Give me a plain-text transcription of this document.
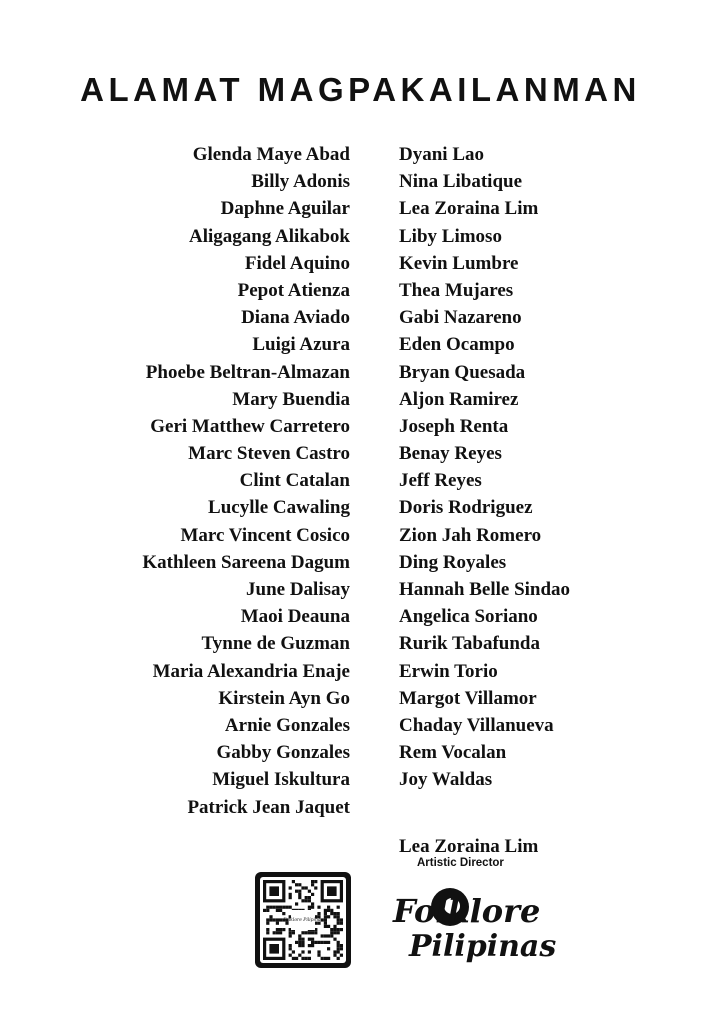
ALAMAT MAGPAKAILANMAN
Glenda Maye Abad
Billy Adonis
Daphne Aguilar
Aligagang Alikabok
Fidel Aquino
Pepot Atienza
Diana Aviado
Luigi Azura
Phoebe Beltran-Almazan
Mary Buendia
Geri Matthew Carretero
Marc Steven Castro
Clint Catalan
Lucylle Cawaling
Marc Vincent Cosico
Kathleen Sareena Dagum
June Dalisay
Maoi Deauna
Tynne de Guzman
Maria Alexandria Enaje
Kirstein Ayn Go
Arnie Gonzales
Gabby Gonzales
Miguel Iskultura
Patrick Jean Jaquet
Dyani Lao
Nina Libatique
Lea Zoraina Lim
Liby Limoso
Kevin Lumbre
Thea Mujares
Gabi Nazareno
Eden Ocampo
Bryan Quesada
Aljon Ramirez
Joseph Renta
Benay Reyes
Jeff Reyes
Doris Rodriguez
Zion Jah Romero
Ding Royales
Hannah Belle Sindao
Angelica Soriano
Rurik Tabafunda
Erwin Torio
Margot Villamor
Chaday Villanueva
Rem Vocalan
Joy Waldas
Lea Zoraina Lim
Artistic Director
Folklore Pilipinas Folklore
Pilipinas
